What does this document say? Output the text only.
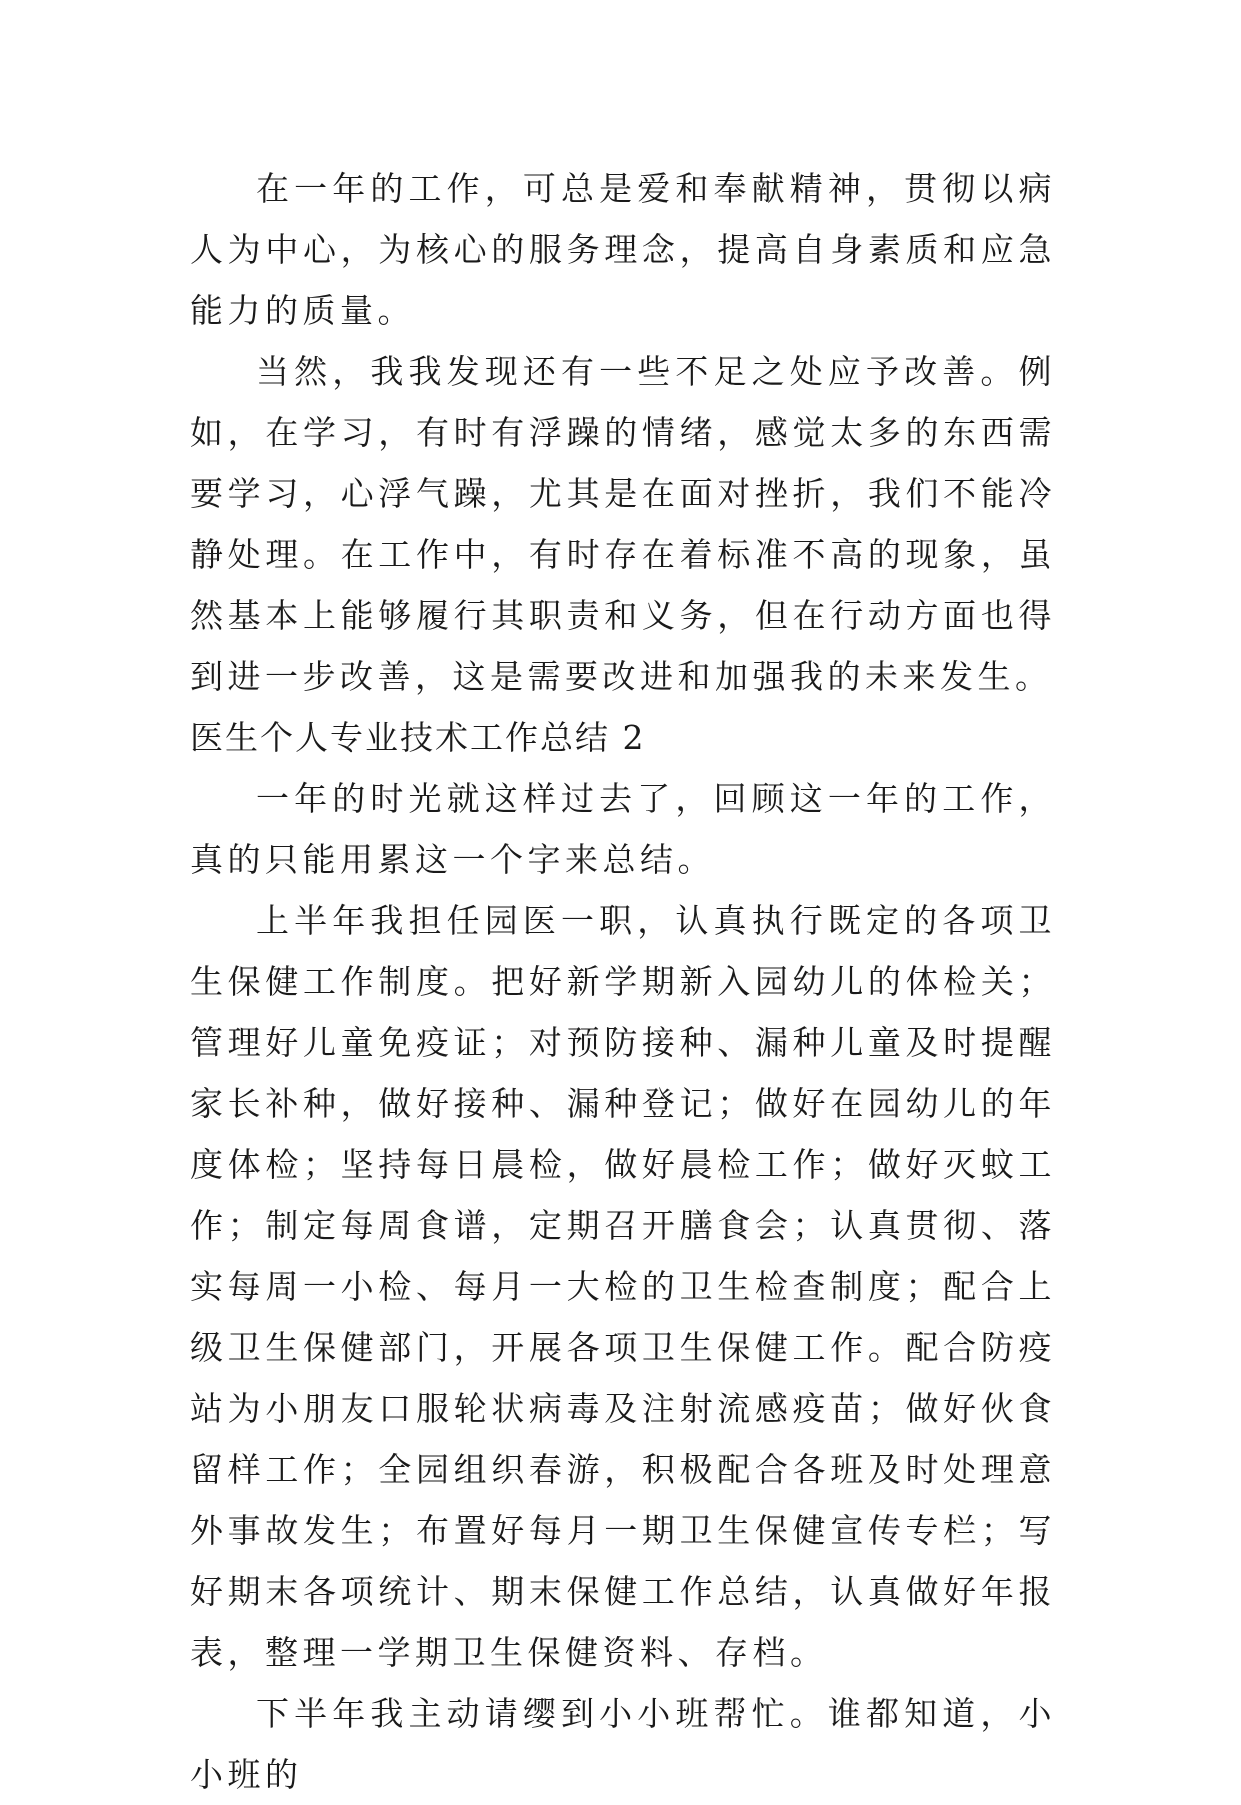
在一年的工作，可总是爱和奉献精神，贯彻以病人为中心，为核心的服务理念，提高自身素质和应急能力的质量。

当然，我我发现还有一些不足之处应予改善。例如，在学习，有时有浮躁的情绪，感觉太多的东西需要学习，心浮气躁，尤其是在面对挫折，我们不能冷静处理。在工作中，有时存在着标准不高的现象，虽然基本上能够履行其职责和义务，但在行动方面也得到进一步改善，这是需要改进和加强我的未来发生。

医生个人专业技术工作总结 2

一年的时光就这样过去了，回顾这一年的工作，真的只能用累这一个字来总结。

上半年我担任园医一职，认真执行既定的各项卫生保健工作制度。把好新学期新入园幼儿的体检关；管理好儿童免疫证；对预防接种、漏种儿童及时提醒家长补种，做好接种、漏种登记；做好在园幼儿的年度体检；坚持每日晨检，做好晨检工作；做好灭蚊工作；制定每周食谱，定期召开膳食会；认真贯彻、落实每周一小检、每月一大检的卫生检查制度；配合上级卫生保健部门，开展各项卫生保健工作。配合防疫站为小朋友口服轮状病毒及注射流感疫苗；做好伙食留样工作；全园组织春游，积极配合各班及时处理意外事故发生；布置好每月一期卫生保健宣传专栏；写好期末各项统计、期末保健工作总结，认真做好年报表，整理一学期卫生保健资料、存档。

下半年我主动请缨到小小班帮忙。谁都知道，小小班的
